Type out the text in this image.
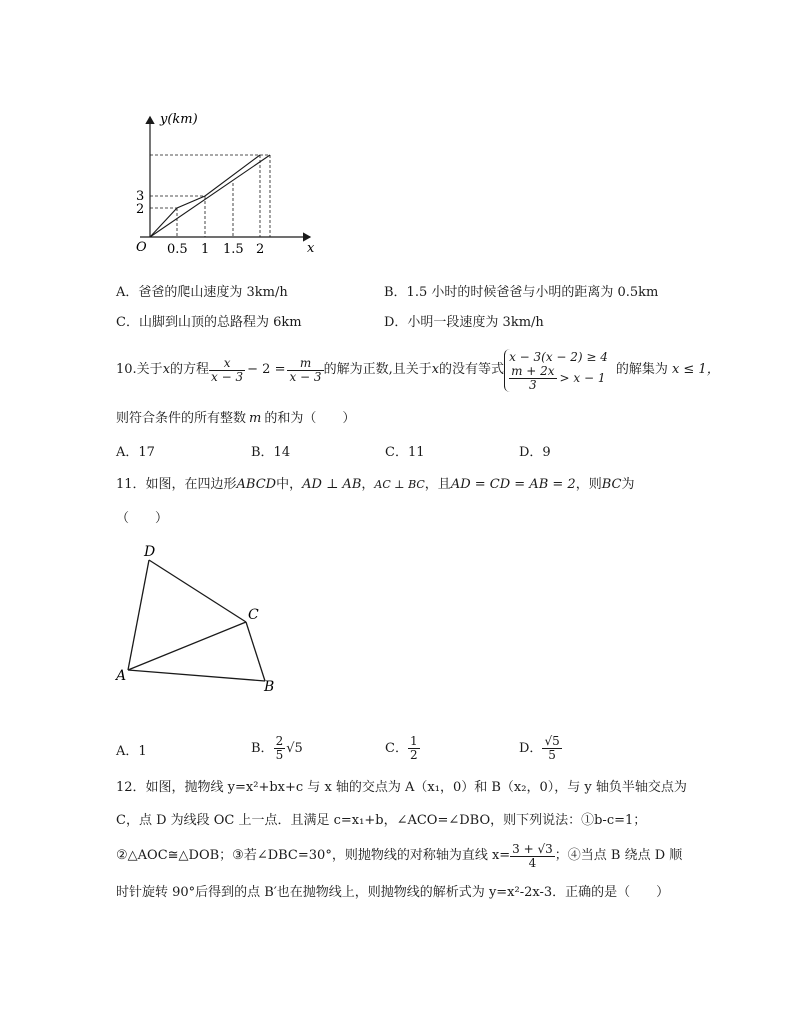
y(km)
x
O
3
2
0.5 1 1.5 2
A．爸爸的爬山速度为 3km/h	B．1.5 小时的时候爸爸与小明的距离为 0.5km
C．山脚到山顶的总路程为 6km	D．小明一段速度为 3km/h
10.关于 x 的方程 $\frac{x}{x - 3} - 2 = \frac{m}{x - 3}$ 的解为正数,且关于 x 的没有等式
x − 3(x − 2) ≥ 4
$\frac{m + 2x}{3} > x - 1$
的解集为 x ≤ 1，
则符合条件的所有整数 m 的和为（　　）
A．17	B．14	C．11	D．9
11．如图，在四边形ABCD中，AD ⊥ AB，AC ⊥ BC，且AD = CD = AB = 2，则BC为
（　　）
D
C
A
B
A．1	B． $\frac{2}{5} √5$	C． $\frac{1}{2}$	D． $\frac{√5}{5}$
12．如图，抛物线 y=x²+bx+c 与 x 轴的交点为 A（x₁，0）和 B（x₂，0），与 y 轴负半轴交点为
C，点 D 为线段 OC 上一点．且满足 c=x₁+b，∠ACO=∠DBO，则下列说法：①b-c=1；
②△AOC≅△DOB；③若∠DBC=30°，则抛物线的对称轴为直线 $x= \frac{3 + √3}{4}$ ；④当点 B 绕点 D 顺
时针旋转 90°后得到的点 B′也在抛物线上，则抛物线的解析式为 y=x²-2x-3．正确的是（　　）
